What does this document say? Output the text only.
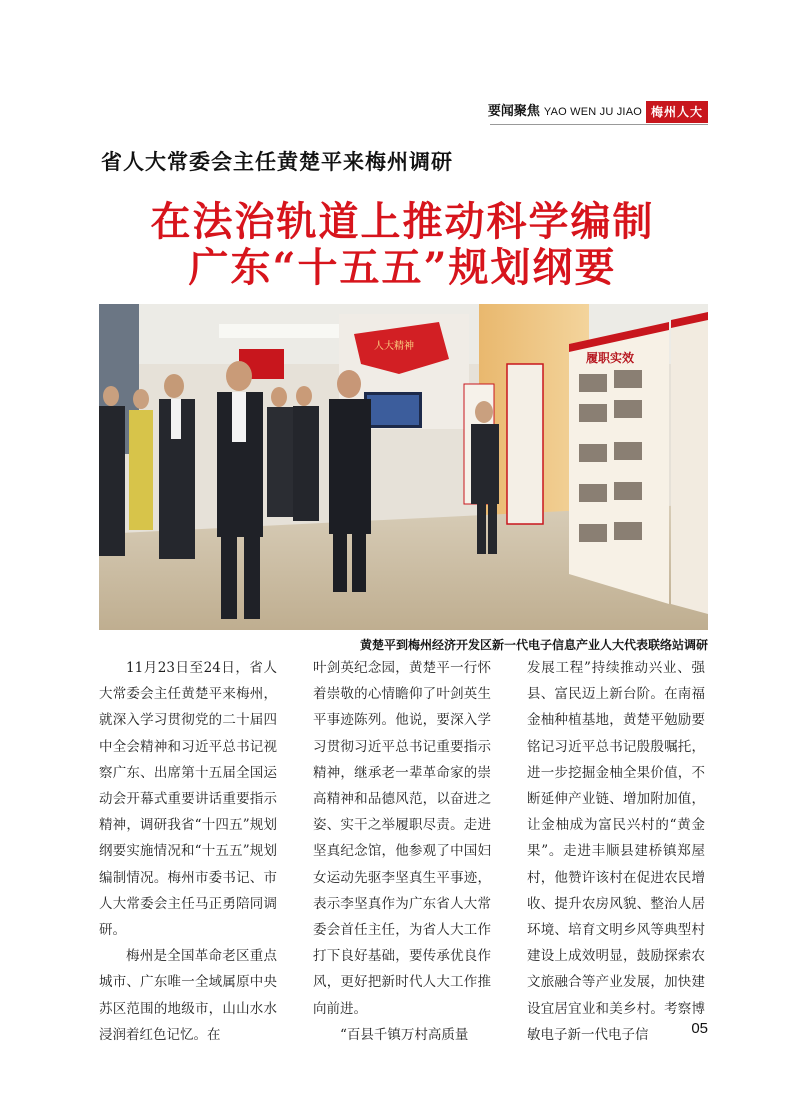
要闻聚焦 YAO WEN JU JIAO 梅州人大
省人大常委会主任黄楚平来梅州调研
在法治轨道上推动科学编制
广东“十五五”规划纲要
人大精神
履职实效
黄楚平到梅州经济开发区新一代电子信息产业人大代表联络站调研

11月23日至24日，省人大常委会主任黄楚平来梅州，就深入学习贯彻党的二十届四中全会精神和习近平总书记视察广东、出席第十五届全国运动会开幕式重要讲话重要指示精神，调研我省“十四五”规划纲要实施情况和“十五五”规划编制情况。梅州市委书记、市人大常委会主任马正勇陪同调研。

梅州是全国革命老区重点城市、广东唯一全域属原中央苏区范围的地级市，山山水水浸润着红色记忆。在

叶剑英纪念园，黄楚平一行怀着崇敬的心情瞻仰了叶剑英生平事迹陈列。他说，要深入学习贯彻习近平总书记重要指示精神，继承老一辈革命家的崇高精神和品德风范，以奋进之姿、实干之举履职尽责。走进坚真纪念馆，他参观了中国妇女运动先驱李坚真生平事迹，表示李坚真作为广东省人大常委会首任主任，为省人大工作打下良好基础，要传承优良作风，更好把新时代人大工作推向前进。

“百县千镇万村高质量

发展工程”持续推动兴业、强县、富民迈上新台阶。在南福金柚种植基地，黄楚平勉励要铭记习近平总书记殷殷嘱托，进一步挖掘金柚全果价值，不断延伸产业链、增加附加值，让金柚成为富民兴村的“黄金果”。走进丰顺县建桥镇郑屋村，他赞许该村在促进农民增收、提升农房风貌、整治人居环境、培育文明乡风等典型村建设上成效明显，鼓励探索农文旅融合等产业发展，加快建设宜居宜业和美乡村。考察博敏电子新一代电子信	05
